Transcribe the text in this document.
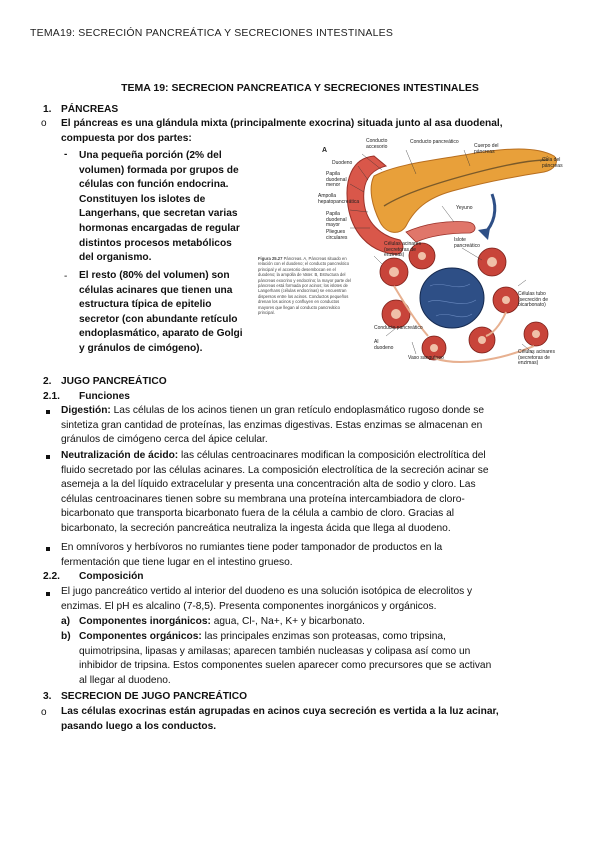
TEMA19: SECRECIÓN PANCREÁTICA Y SECRECIONES INTESTINALES
TEMA 19: SECRECION PANCREATICA Y SECRECIONES INTESTINALES
1. PÁNCREAS
o El páncreas es una glándula mixta (principalmente exocrina) situada junto al asa duodenal,
compuesta por dos partes:
- Una pequeña porción (2% del
volumen) formada por grupos de
células con función endocrina.
Constituyen los islotes de
Langerhans, que secretan varias
hormonas encargadas de regular
distintos procesos metabólicos
del organismo.
- El resto (80% del volumen) son
células acinares que tienen una
estructura típica de epitelio
secretor (con abundante retículo
endoplasmático, aparato de Golgi
y gránulos de cimógeno).
A
Conducto accesorio
Duodeno
Papila duodenal menor
Ampolla hepatopancreática
Papila duodenal mayor
Pliegues circulares
Conducto pancreático
Cuerpo del páncreas
Cola del páncreas
Yeyuno
Células acinares (secretoras de enzimas)
Islote pancreático
Conducto pancreático
Al duodeno
Vaso sanguíneo
Células tubo (secreción de bicarbonato)
Células acinares (secretoras de enzimas)
Figura 25.27 Páncreas. A, Páncreas situado en relación con el duodeno; el conducto pancreático principal y el accesorio desembocan en el duodeno; la ampolla de Vater. B, Estructura del páncreas exocrino y endocrino; la mayor parte del páncreas está formada por acinos; los islotes de Langerhans (células endocrinas) se encuentran dispersos entre los acinos. Conductos pequeños drenan los acinos y confluyen en conductos mayores que llegan al conducto pancreático principal.
2. JUGO PANCREÁTICO
2.1. Funciones
Digestión: Las células de los acinos tienen un gran retículo endoplasmático rugoso donde se
sintetiza gran cantidad de proteínas, las enzimas digestivas. Estas enzimas se almacenan en
gránulos de cimógeno cerca del ápice celular.
Neutralización de ácido: las células centroacinares modifican la composición electrolítica del
fluido secretado por las células acinares. La composición electrolítica de la secreción acinar se
asemeja a la del líquido extracelular y presenta una concentración alta de sodio y cloro. Las
células centroacinares tienen sobre su membrana una proteína intercambiadora de cloro-
bicarbonato que transporta bicarbonato fuera de la célula a cambio de cloro. Gracias al
bicarbonato, la secreción pancreática neutraliza la ingesta ácida que llega al duodeno.
En omnívoros y herbívoros no rumiantes tiene poder tamponador de productos en la
fermentación que tiene lugar en el intestino grueso.
2.2. Composición
El jugo pancreático vertido al interior del duodeno es una solución isotópica de elecrolitos y
enzimas. El pH es alcalino (7-8,5). Presenta componentes inorgánicos y orgánicos.
a) Componentes inorgánicos: agua, Cl-, Na+, K+ y bicarbonato.
b) Componentes orgánicos: las principales enzimas son proteasas, como tripsina,
quimotripsina, lipasas y amilasas; aparecen también nucleasas y colipasa así como un
inhibidor de tripsina. Estos componentes suelen aparecer como precursores que se activan
al llegar al duodeno.
3. SECRECION DE JUGO PANCREÁTICO
o Las células exocrinas están agrupadas en acinos cuya secreción es vertida a la luz acinar,
pasando luego a los conductos.
